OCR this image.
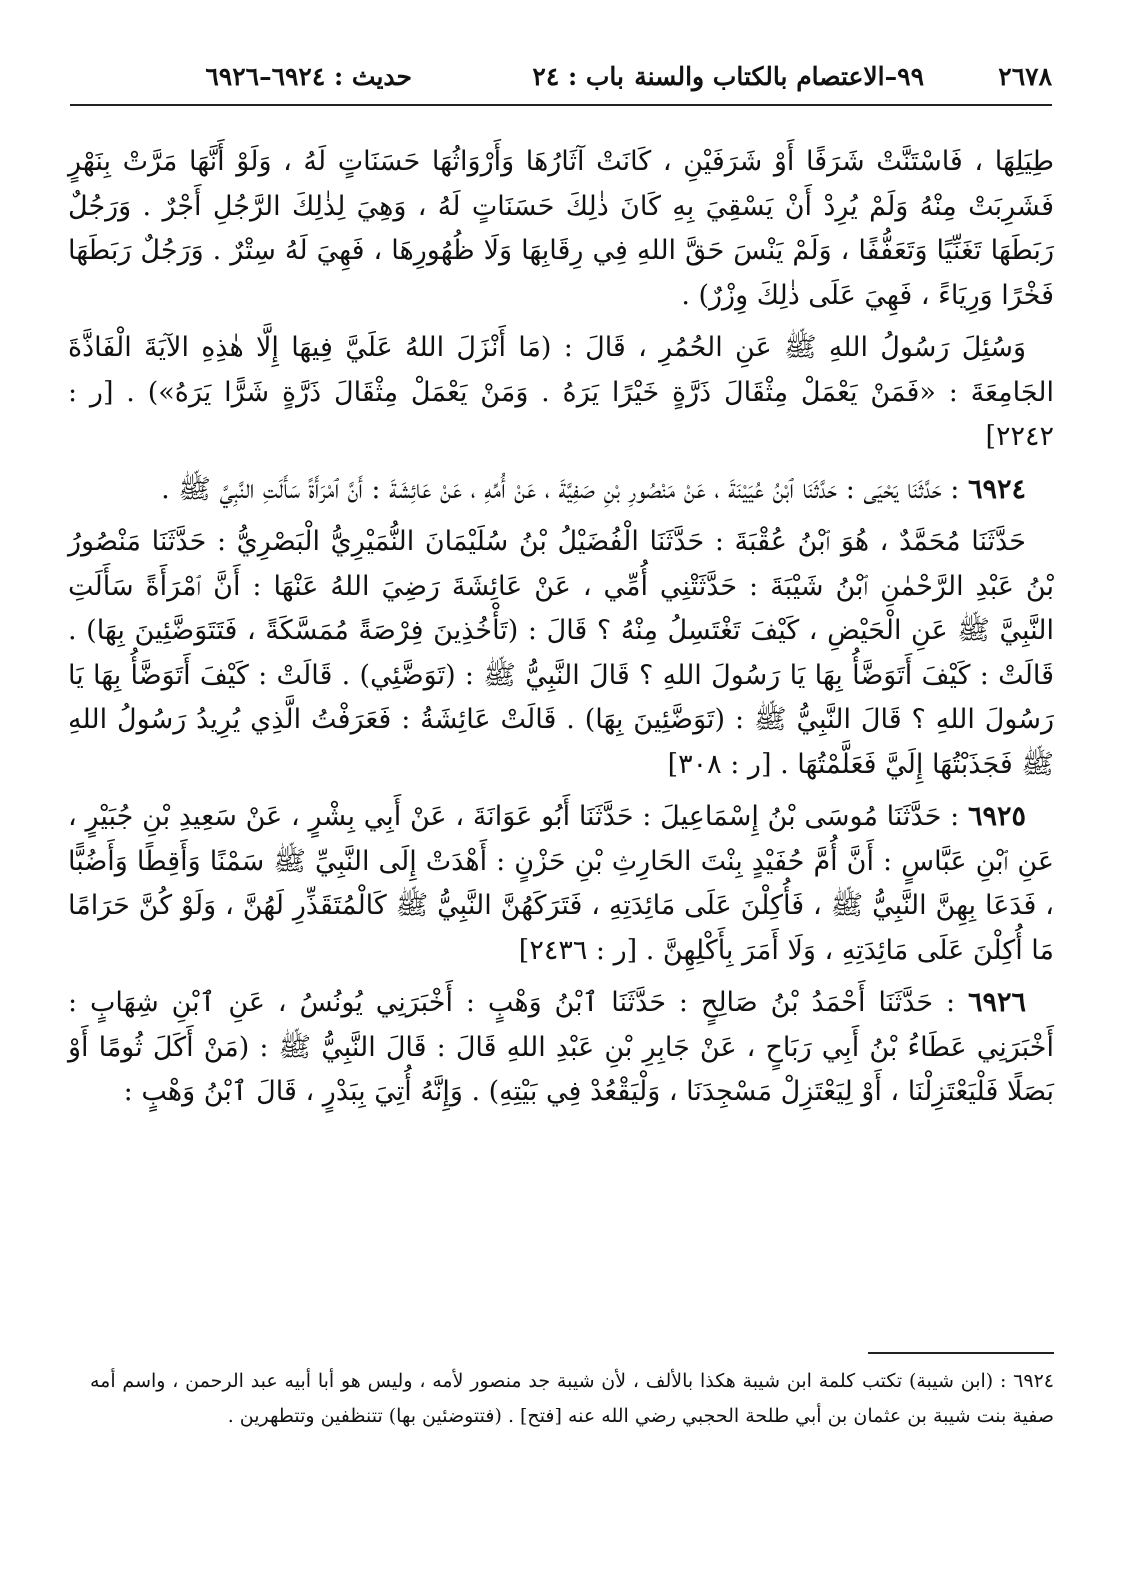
٢٦٧٨
٩٩–الاعتصام بالكتاب والسنة
باب : ٢٤
حديث : ٦٩٢٤–٦٩٢٦

طِيَلِهَا ، فَاسْتَنَّتْ شَرَفًا أَوْ شَرَفَيْنِ ، كَانَتْ آثَارُهَا وَأَرْوَاثُهَا حَسَنَاتٍ لَهُ ، وَلَوْ أَنَّهَا مَرَّتْ بِنَهْرٍ فَشَرِبَتْ مِنْهُ وَلَمْ يُرِدْ أَنْ يَسْقِيَ بِهِ كَانَ ذٰلِكَ حَسَنَاتٍ لَهُ ، وَهِيَ لِذٰلِكَ الرَّجُلِ أَجْرٌ . وَرَجُلٌ رَبَطَهَا تَغَنِّيًا وَتَعَفُّفًا ، وَلَمْ يَنْسَ حَقَّ اللهِ فِي رِقَابِهَا وَلَا ظُهُورِهَا ، فَهِيَ لَهُ سِتْرٌ . وَرَجُلٌ رَبَطَهَا فَخْرًا وَرِيَاءً ، فَهِيَ عَلَى ذٰلِكَ وِزْرٌ) .

وَسُئِلَ رَسُولُ اللهِ ﷺ عَنِ الحُمُرِ ، قَالَ : (مَا أَنْزَلَ اللهُ عَلَيَّ فِيهَا إِلَّا هٰذِهِ الآيَةَ الْفَاذَّةَ الجَامِعَةَ : «فَمَنْ يَعْمَلْ مِثْقَالَ ذَرَّةٍ خَيْرًا يَرَهُ . وَمَنْ يَعْمَلْ مِثْقَالَ ذَرَّةٍ شَرًّا يَرَهُ») . [ر : ٢٢٤٢]

٦٩٢٤ : حَدَّثَنَا يَحْيَى : حَدَّثَنَا ٱبْنُ عُيَيْنَةَ ، عَنْ مَنْصُورِ بْنِ صَفِيَّةَ ، عَنْ أُمِّهِ ، عَنْ عَائِشَةَ : أَنَّ ٱمْرَأَةً سَأَلَتِ النَّبِيَّ ﷺ .

حَدَّثَنَا مُحَمَّدٌ ، هُوَ ٱبْنُ عُقْبَةَ : حَدَّثَنَا الْفُضَيْلُ بْنُ سُلَيْمَانَ النُّمَيْرِيُّ الْبَصْرِيُّ : حَدَّثَنَا مَنْصُورُ بْنُ عَبْدِ الرَّحْمٰنِ ٱبْنُ شَيْبَةَ : حَدَّثَتْنِي أُمِّي ، عَنْ عَائِشَةَ رَضِيَ اللهُ عَنْهَا : أَنَّ ٱمْرَأَةً سَأَلَتِ النَّبِيَّ ﷺ عَنِ الْحَيْضِ ، كَيْفَ تَغْتَسِلُ مِنْهُ ؟ قَالَ : (تَأْخُذِينَ فِرْصَةً مُمَسَّكَةً ، فَتَتَوَضَّئِينَ بِهَا) . قَالَتْ : كَيْفَ أَتَوَضَّأُ بِهَا يَا رَسُولَ اللهِ ؟ قَالَ النَّبِيُّ ﷺ : (تَوَضَّئِي) . قَالَتْ : كَيْفَ أَتَوَضَّأُ بِهَا يَا رَسُولَ اللهِ ؟ قَالَ النَّبِيُّ ﷺ : (تَوَضَّئِينَ بِهَا) . قَالَتْ عَائِشَةُ : فَعَرَفْتُ الَّذِي يُرِيدُ رَسُولُ اللهِ ﷺ فَجَذَبْتُهَا إِلَيَّ فَعَلَّمْتُهَا . [ر : ٣٠٨]

٦٩٢٥ : حَدَّثَنَا مُوسَى بْنُ إِسْمَاعِيلَ : حَدَّثَنَا أَبُو عَوَانَةَ ، عَنْ أَبِي بِشْرٍ ، عَنْ سَعِيدِ بْنِ جُبَيْرٍ ، عَنِ ٱبْنِ عَبَّاسٍ : أَنَّ أُمَّ حُفَيْدٍ بِنْتَ الحَارِثِ بْنِ حَزْنٍ : أَهْدَتْ إِلَى النَّبِيِّ ﷺ سَمْنًا وَأَقِطًا وَأَضُبًّا ، فَدَعَا بِهِنَّ النَّبِيُّ ﷺ ، فَأُكِلْنَ عَلَى مَائِدَتِهِ ، فَتَرَكَهُنَّ النَّبِيُّ ﷺ كَالْمُتَقَذِّرِ لَهُنَّ ، وَلَوْ كُنَّ حَرَامًا مَا أُكِلْنَ عَلَى مَائِدَتِهِ ، وَلَا أَمَرَ بِأَكْلِهِنَّ . [ر : ٢٤٣٦]

٦٩٢٦ : حَدَّثَنَا أَحْمَدُ بْنُ صَالِحٍ : حَدَّثَنَا ٱبْنُ وَهْبٍ : أَخْبَرَنِي يُونُسُ ، عَنِ ٱبْنِ شِهَابٍ : أَخْبَرَنِي عَطَاءُ بْنُ أَبِي رَبَاحٍ ، عَنْ جَابِرِ بْنِ عَبْدِ اللهِ قَالَ : قَالَ النَّبِيُّ ﷺ : (مَنْ أَكَلَ ثُومًا أَوْ بَصَلًا فَلْيَعْتَزِلْنَا ، أَوْ لِيَعْتَزِلْ مَسْجِدَنَا ، وَلْيَقْعُدْ فِي بَيْتِهِ) . وَإِنَّهُ أُتِيَ بِبَدْرٍ ، قَالَ ٱبْنُ وَهْبٍ :

٦٩٢٤ : (ابن شيبة) تكتب كلمة ابن شيبة هكذا بالألف ، لأن شيبة جد منصور لأمه ، وليس هو أبا أبيه عبد الرحمن ، واسم أمه صفية بنت شيبة بن عثمان بن أبي طلحة الحجبي رضي الله عنه [فتح] . (فتتوضئين بها) تتنظفين وتتطهرين .
